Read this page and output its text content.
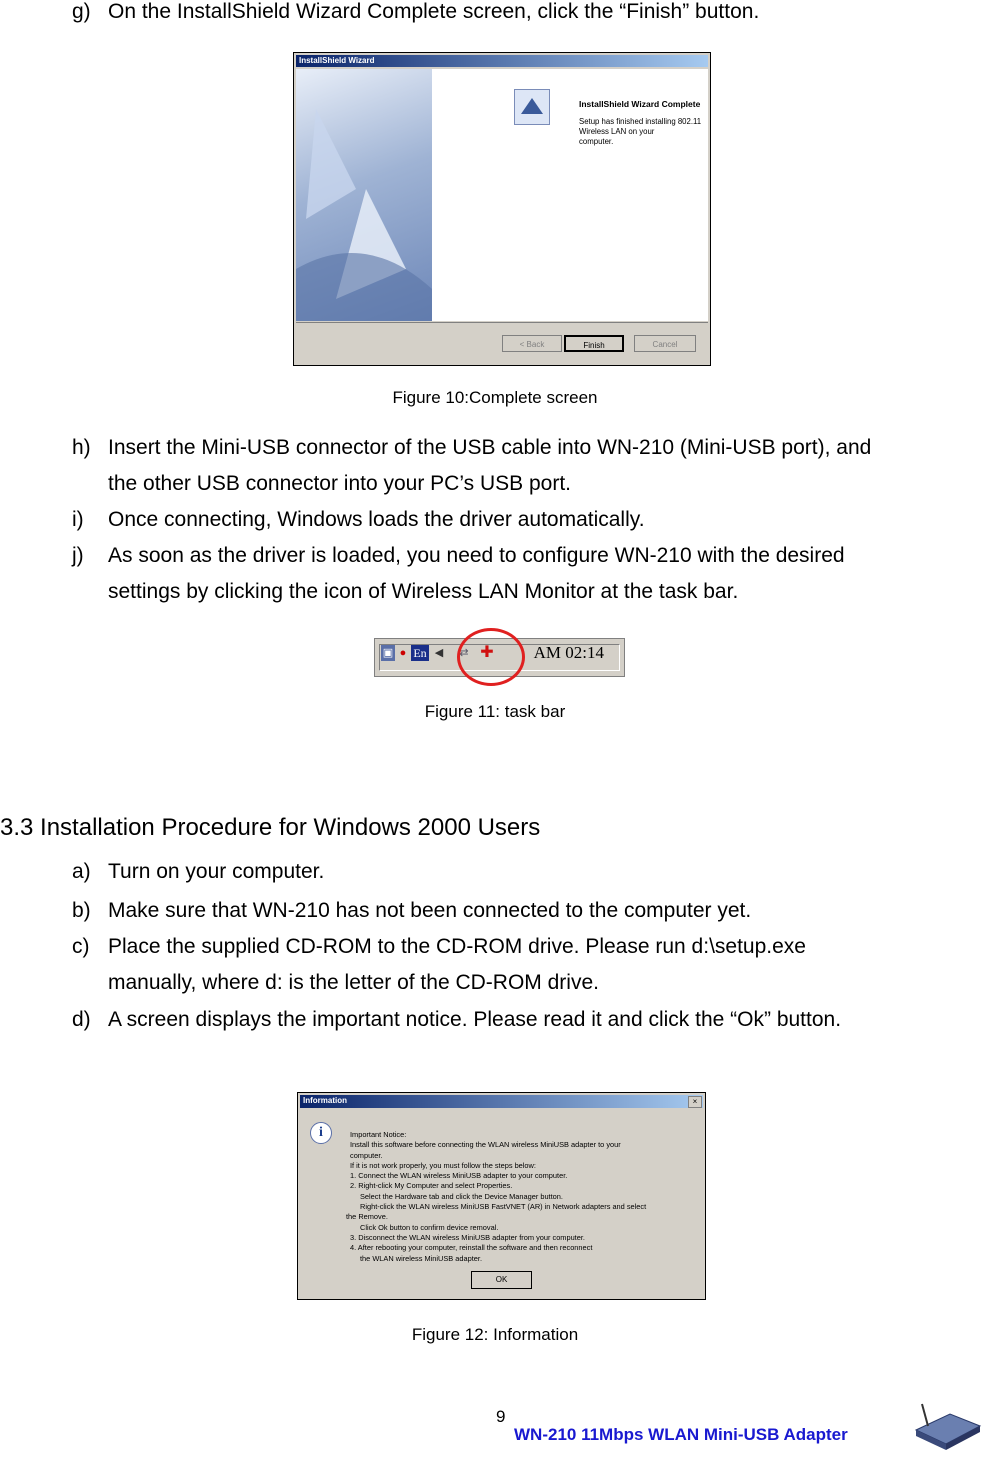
g) On the InstallShield Wizard Complete screen, click the “Finish” button.
InstallShield Wizard
InstallShield Wizard Complete
Setup has finished installing 802.11 Wireless LAN on your
computer.
< Back	Finish	Cancel
Figure 10:Complete screen
h) Insert the Mini-USB connector of the USB cable into WN-210 (Mini-USB port), and
the other USB connector into your PC’s USB port.
i)	Once connecting, Windows loads the driver automatically.
j)	As soon as the driver is loaded, you need to configure WN-210 with the desired
settings by clicking the icon of Wireless LAN Monitor at the task bar.
▣ ● En ◀	⇄ ✚ AM 02:14
Figure 11: task bar
3.3 Installation Procedure for Windows 2000 Users
a) Turn on your computer.
b) Make sure that WN-210 has not been connected to the computer yet.
c) Place the supplied CD-ROM to the CD-ROM drive. Please run d:\setup.exe
manually, where d: is the letter of the CD-ROM drive.
d) A screen displays the important notice. Please read it and click the “Ok” button.
Information	×
i	Important Notice:
Install this software before connecting the WLAN wireless MiniUSB adapter to your
computer.
If it is not work properly, you must follow the steps below:
1. Connect the WLAN wireless MiniUSB adapter to your computer.
2. Right-click My Computer and select Properties.
Select the Hardware tab and click the Device Manager button.
Right-click the WLAN wireless MiniUSB FastVNET (AR) in Network adapters and select
the Remove.
Click Ok button to confirm device removal.
3. Disconnect the WLAN wireless MiniUSB adapter from your computer.
4. After rebooting your computer, reinstall the software and then reconnect
the WLAN wireless MiniUSB adapter.
OK
Figure 12: Information
9
WN-210 11Mbps WLAN Mini-USB Adapter
